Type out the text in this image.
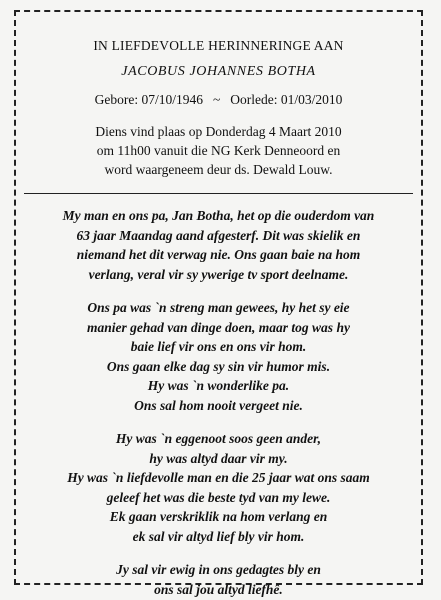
IN LIEFDEVOLLE HERINNERINGE AAN
JACOBUS JOHANNES BOTHA
Gebore: 07/10/1946 ~ Oorlede: 01/03/2010
Diens vind plaas op Donderdag 4 Maart 2010
om 11h00 vanuit die NG Kerk Denneoord en
word waargeneem deur ds. Dewald Louw.
My man en ons pa, Jan Botha, het op die ouderdom van
63 jaar Maandag aand afgesterf. Dit was skielik en
niemand het dit verwag nie. Ons gaan baie na hom
verlang, veral vir sy ywerige tv sport deelname.
Ons pa was `n streng man gewees, hy het sy eie
manier gehad van dinge doen, maar tog was hy
baie lief vir ons en ons vir hom.
Ons gaan elke dag sy sin vir humor mis.
Hy was `n wonderlike pa.
Ons sal hom nooit vergeet nie.
Hy was `n eggenoot soos geen ander,
hy was altyd daar vir my.
Hy was `n liefdevolle man en die 25 jaar wat ons saam
geleef het was die beste tyd van my lewe.
Ek gaan verskriklik na hom verlang en
ek sal vir altyd lief bly vir hom.
Jy sal vir ewig in ons gedagtes bly en
ons sal jou altyd liefhê.
